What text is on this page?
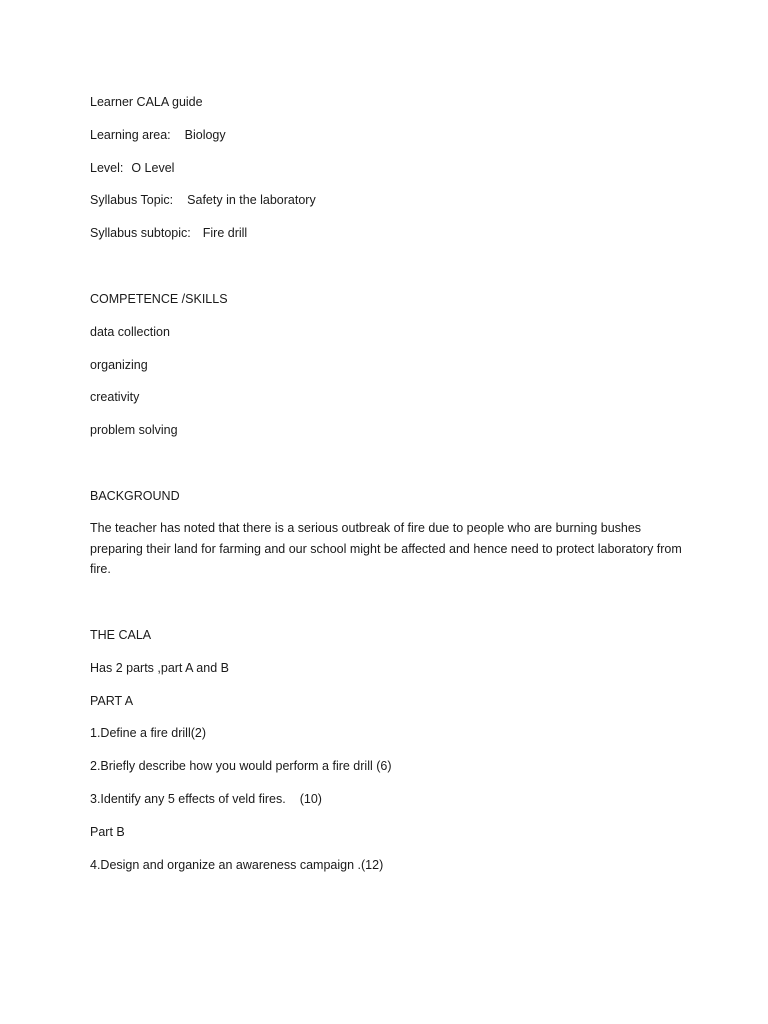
Learner CALA guide

Learning area: Biology

Level: O Level

Syllabus Topic: Safety in the laboratory

Syllabus subtopic: Fire drill

COMPETENCE /SKILLS

data collection

organizing

creativity

problem solving

BACKGROUND

The teacher has noted that there is a serious outbreak of fire due to people who are burning bushes preparing their land for farming and our school might be affected and hence need to protect laboratory from fire.

THE CALA

Has 2 parts ,part A and B

PART A

1.Define a fire drill(2)

2.Briefly describe how you would perform a fire drill (6)

3.Identify any 5 effects of veld fires. (10)

Part B

4.Design and organize an awareness campaign .(12)
